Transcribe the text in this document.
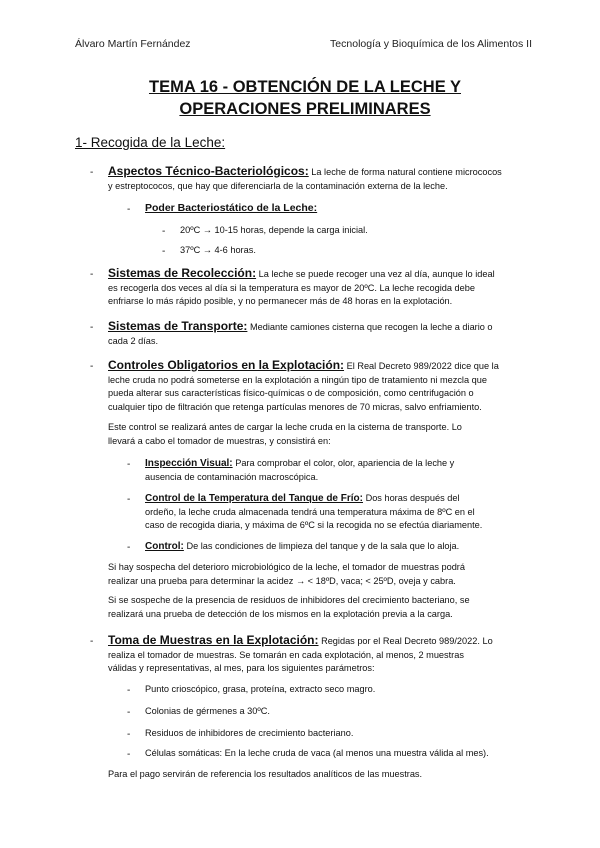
Álvaro Martín Fernández	Tecnología y Bioquímica de los Alimentos II
TEMA 16 - OBTENCIÓN DE LA LECHE Y
OPERACIONES PRELIMINARES
1- Recogida de la Leche:
- Aspectos Técnico-Bacteriológicos: La leche de forma natural contiene micrococos
y estreptococos, que hay que diferenciarla de la contaminación externa de la leche.
- Poder Bacteriostático de la Leche:
- 20ºC → 10-15 horas, depende la carga inicial.
- 37ºC → 4-6 horas.
- Sistemas de Recolección: La leche se puede recoger una vez al día, aunque lo ideal
es recogerla dos veces al día si la temperatura es mayor de 20ºC. La leche recogida debe
enfriarse lo más rápido posible, y no permanecer más de 48 horas en la explotación.
- Sistemas de Transporte: Mediante camiones cisterna que recogen la leche a diario o
cada 2 días.
- Controles Obligatorios en la Explotación: El Real Decreto 989/2022 dice que la
leche cruda no podrá someterse en la explotación a ningún tipo de tratamiento ni mezcla que
pueda alterar sus características físico-químicas o de composición, como centrifugación o
cualquier tipo de filtración que retenga partículas menores de 70 micras, salvo enfriamiento.
Este control se realizará antes de cargar la leche cruda en la cisterna de transporte. Lo
llevará a cabo el tomador de muestras, y consistirá en:
- Inspección Visual: Para comprobar el color, olor, apariencia de la leche y
ausencia de contaminación macroscópica.
- Control de la Temperatura del Tanque de Frío: Dos horas después del
ordeño, la leche cruda almacenada tendrá una temperatura máxima de 8ºC en el
caso de recogida diaria, y máxima de 6ºC si la recogida no se efectúa diariamente.
- Control: De las condiciones de limpieza del tanque y de la sala que lo aloja.
Si hay sospecha del deterioro microbiológico de la leche, el tomador de muestras podrá
realizar una prueba para determinar la acidez → < 18ºD, vaca; < 25ºD, oveja y cabra.
Si se sospeche de la presencia de residuos de inhibidores del crecimiento bacteriano, se
realizará una prueba de detección de los mismos en la explotación previa a la carga.
- Toma de Muestras en la Explotación: Regidas por el Real Decreto 989/2022. Lo
realiza el tomador de muestras. Se tomarán en cada explotación, al menos, 2 muestras
válidas y representativas, al mes, para los siguientes parámetros:
- Punto crioscópico, grasa, proteína, extracto seco magro.
- Colonias de gérmenes a 30ºC.
- Residuos de inhibidores de crecimiento bacteriano.
- Células somáticas: En la leche cruda de vaca (al menos una muestra válida al mes).
Para el pago servirán de referencia los resultados analíticos de las muestras.
